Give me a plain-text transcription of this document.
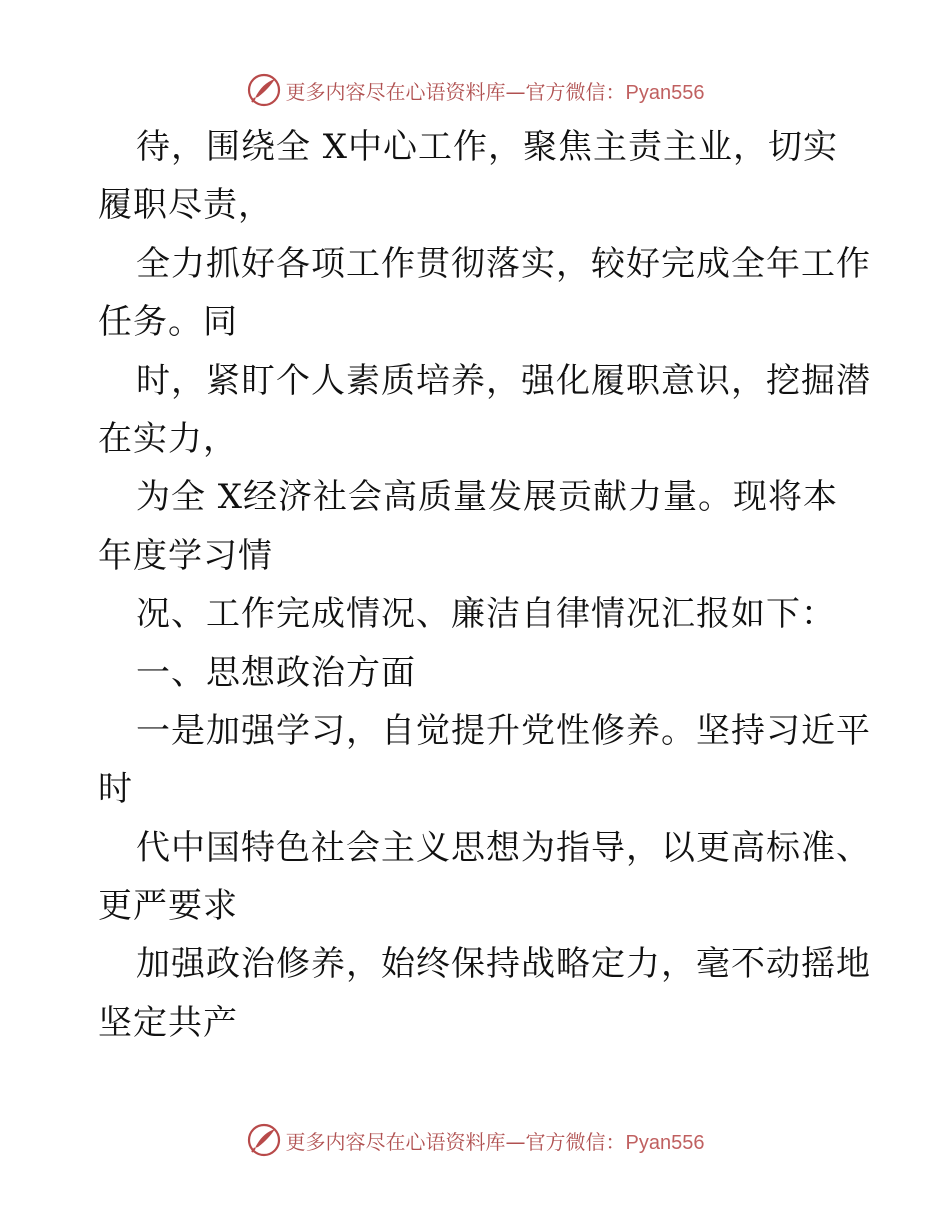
更多内容尽在心语资料库—官方微信：Pyan556
待，围绕全 X中心工作，聚焦主责主业，切实
履职尽责，
全力抓好各项工作贯彻落实，较好完成全年工作
任务。同
时，紧盯个人素质培养，强化履职意识，挖掘潜
在实力，
为全 X经济社会高质量发展贡献力量。现将本
年度学习情
况、工作完成情况、廉洁自律情况汇报如下：
一、思想政治方面
一是加强学习，自觉提升党性修养。坚持习近平
时
代中国特色社会主义思想为指导，以更高标准、
更严要求
加强政治修养，始终保持战略定力，毫不动摇地
坚定共产
更多内容尽在心语资料库—官方微信：Pyan556
